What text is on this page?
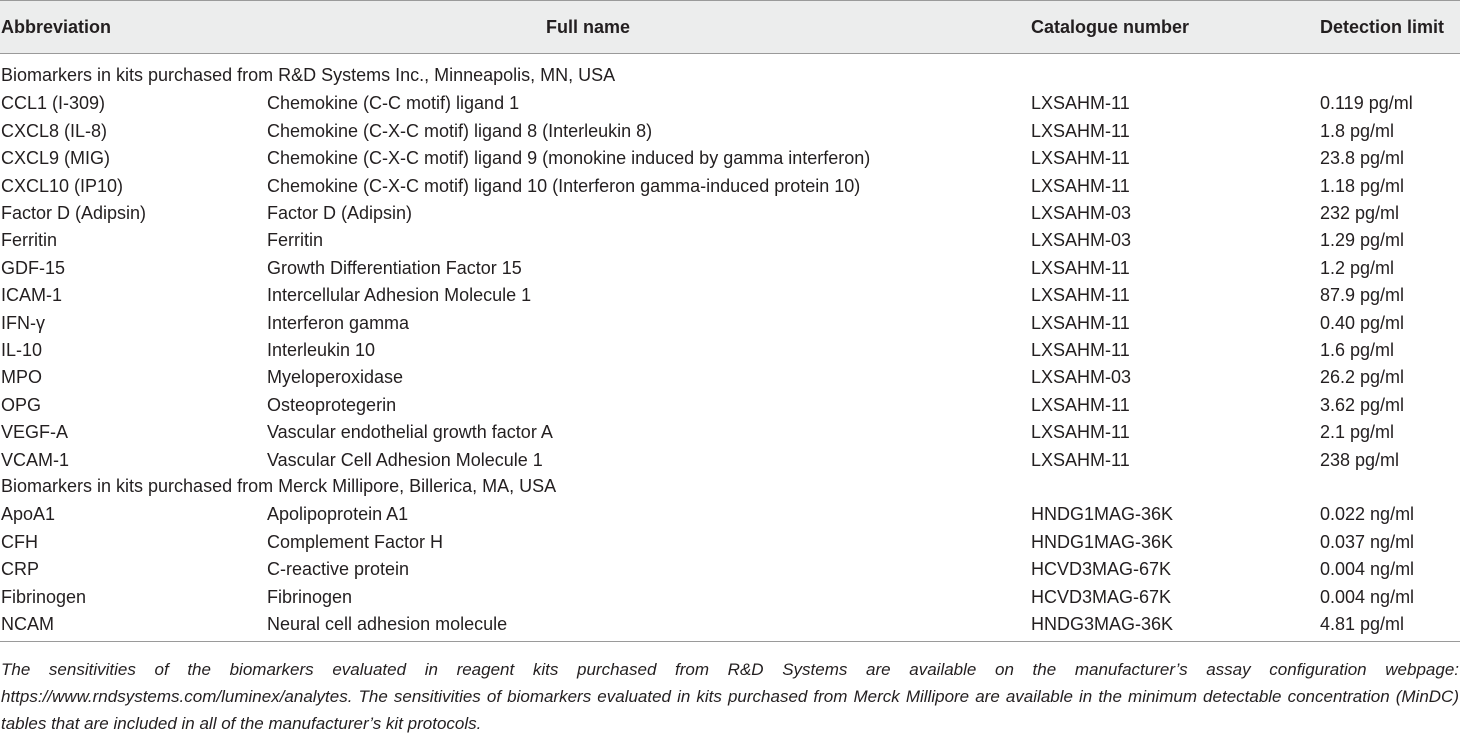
Abbreviation	Full name	Catalogue number	Detection limit
Biomarkers in kits purchased from R&D Systems Inc., Minneapolis, MN, USA
CCL1 (I-309)	Chemokine (C-C motif) ligand 1	LXSAHM-11	0.119 pg/ml
CXCL8 (IL-8)	Chemokine (C-X-C motif) ligand 8 (Interleukin 8)	LXSAHM-11	1.8 pg/ml
CXCL9 (MIG)	Chemokine (C-X-C motif) ligand 9 (monokine induced by gamma interferon)	LXSAHM-11	23.8 pg/ml
CXCL10 (IP10)	Chemokine (C-X-C motif) ligand 10 (Interferon gamma-induced protein 10)	LXSAHM-11	1.18 pg/ml
Factor D (Adipsin)	Factor D (Adipsin)	LXSAHM-03	232 pg/ml
Ferritin	Ferritin	LXSAHM-03	1.29 pg/ml
GDF-15	Growth Differentiation Factor 15	LXSAHM-11	1.2 pg/ml
ICAM-1	Intercellular Adhesion Molecule 1	LXSAHM-11	87.9 pg/ml
IFN-γ	Interferon gamma	LXSAHM-11	0.40 pg/ml
IL-10	Interleukin 10	LXSAHM-11	1.6 pg/ml
MPO	Myeloperoxidase	LXSAHM-03	26.2 pg/ml
OPG	Osteoprotegerin	LXSAHM-11	3.62 pg/ml
VEGF-A	Vascular endothelial growth factor A	LXSAHM-11	2.1 pg/ml
VCAM-1	Vascular Cell Adhesion Molecule 1	LXSAHM-11	238 pg/ml
Biomarkers in kits purchased from Merck Millipore, Billerica, MA, USA
ApoA1	Apolipoprotein A1	HNDG1MAG-36K	0.022 ng/ml
CFH	Complement Factor H	HNDG1MAG-36K	0.037 ng/ml
CRP	C-reactive protein	HCVD3MAG-67K	0.004 ng/ml
Fibrinogen	Fibrinogen	HCVD3MAG-67K	0.004 ng/ml
NCAM	Neural cell adhesion molecule	HNDG3MAG-36K	4.81 pg/ml
The sensitivities of the biomarkers evaluated in reagent kits purchased from R&D Systems are available on the manufacturer’s assay configuration webpage: https://www.rndsystems.com/luminex/analytes. The sensitivities of biomarkers evaluated in kits purchased from Merck Millipore are available in the minimum detectable concentration (MinDC) tables that are included in all of the manufacturer’s kit protocols.
